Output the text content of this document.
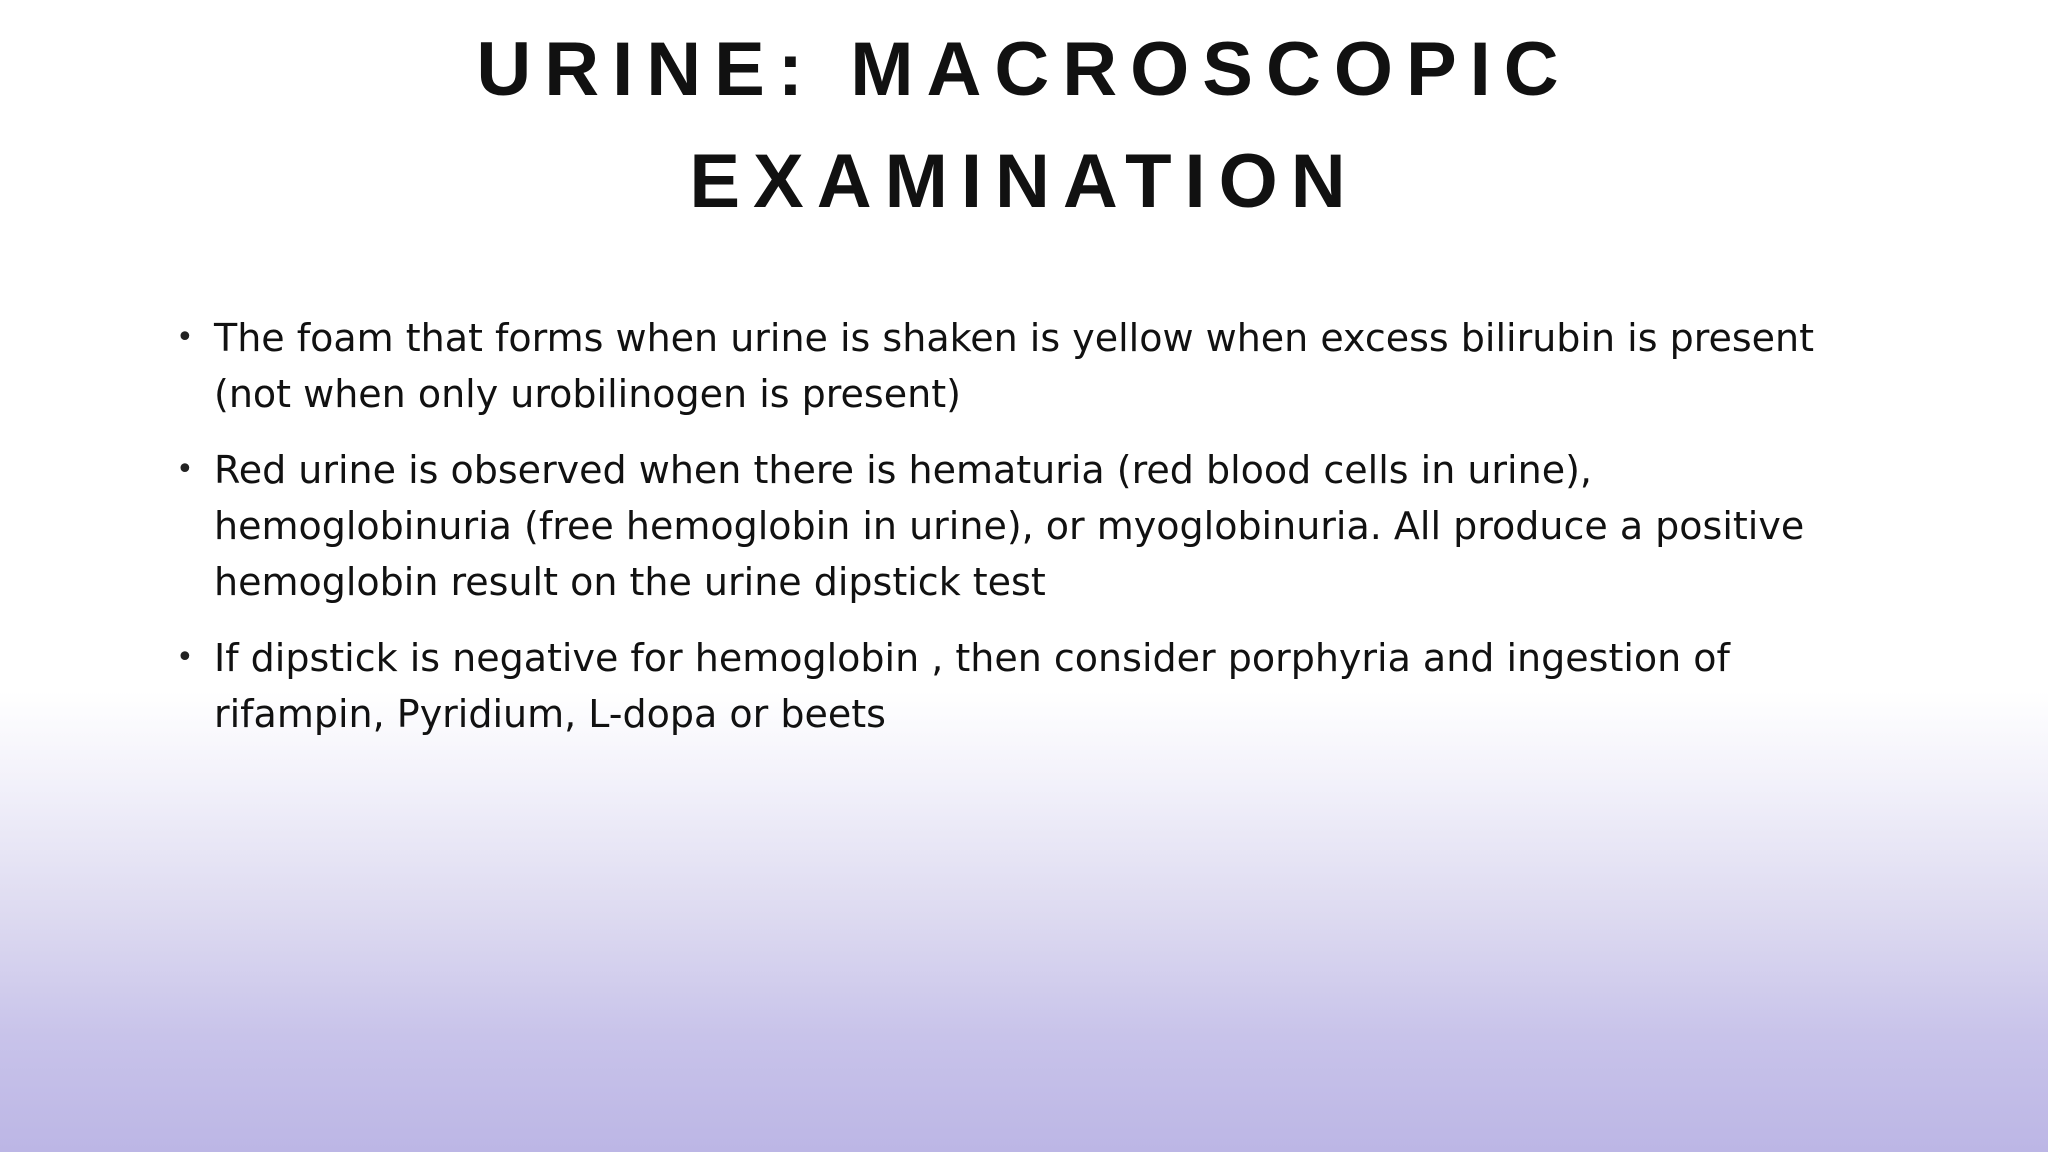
URINE: MACROSCOPIC
EXAMINATION
• The foam that forms when urine is shaken is yellow when excess bilirubin is present (not when only urobilinogen is present)
• Red urine is observed when there is hematuria (red blood cells in urine), hemoglobinuria (free hemoglobin in urine), or myoglobinuria. All produce a positive hemoglobin result on the urine dipstick test
• If dipstick is negative for hemoglobin , then consider porphyria and ingestion of rifampin, Pyridium, L-dopa or beets
